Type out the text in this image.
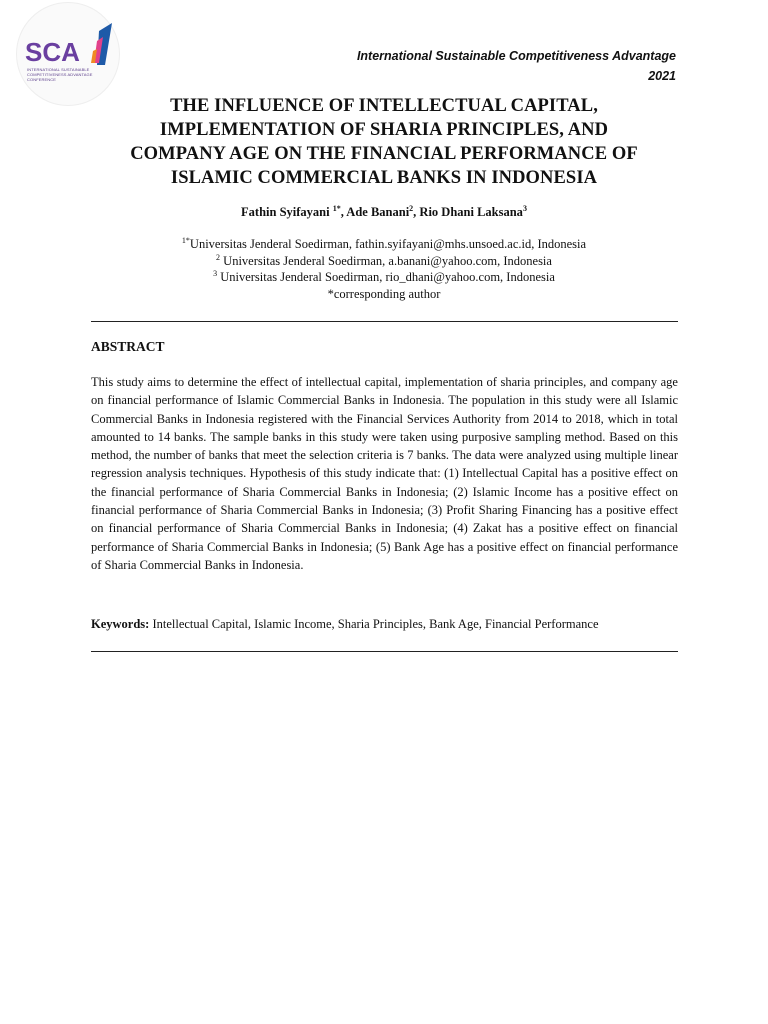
SCA
INTERNATIONAL SUSTAINABLE COMPETITIVENESS ADVANTAGE CONFERENCE
International Sustainable Competitiveness Advantage
2021
THE INFLUENCE OF INTELLECTUAL CAPITAL,
IMPLEMENTATION OF SHARIA PRINCIPLES, AND
COMPANY AGE ON THE FINANCIAL PERFORMANCE OF
ISLAMIC COMMERCIAL BANKS IN INDONESIA
Fathin Syifayani $^{1*}$, Ade Banani$^2$, Rio Dhani Laksana$^3$
$^{1*}$Universitas Jenderal Soedirman, fathin.syifayani@mhs.unsoed.ac.id, Indonesia
$^2$ Universitas Jenderal Soedirman, a.banani@yahoo.com, Indonesia
$^3$ Universitas Jenderal Soedirman, rio_dhani@yahoo.com, Indonesia
*corresponding author
ABSTRACT
This study aims to determine the effect of intellectual capital, implementation of sharia principles, and company age on financial performance of Islamic Commercial Banks in Indonesia. The population in this study were all Islamic Commercial Banks in Indonesia registered with the Financial Services Authority from 2014 to 2018, which in total amounted to 14 banks. The sample banks in this study were taken using purposive sampling method. Based on this method, the number of banks that meet the selection criteria is 7 banks. The data were analyzed using multiple linear regression analysis techniques. Hypothesis of this study indicate that: (1) Intellectual Capital has a positive effect on the financial performance of Sharia Commercial Banks in Indonesia; (2) Islamic Income has a positive effect on financial performance of Sharia Commercial Banks in Indonesia; (3) Profit Sharing Financing has a positive effect on financial performance of Sharia Commercial Banks in Indonesia; (4) Zakat has a positive effect on financial performance of Sharia Commercial Banks in Indonesia; (5) Bank Age has a positive effect on financial performance of Sharia Commercial Banks in Indonesia.
Keywords: Intellectual Capital, Islamic Income, Sharia Principles, Bank Age, Financial Performance
